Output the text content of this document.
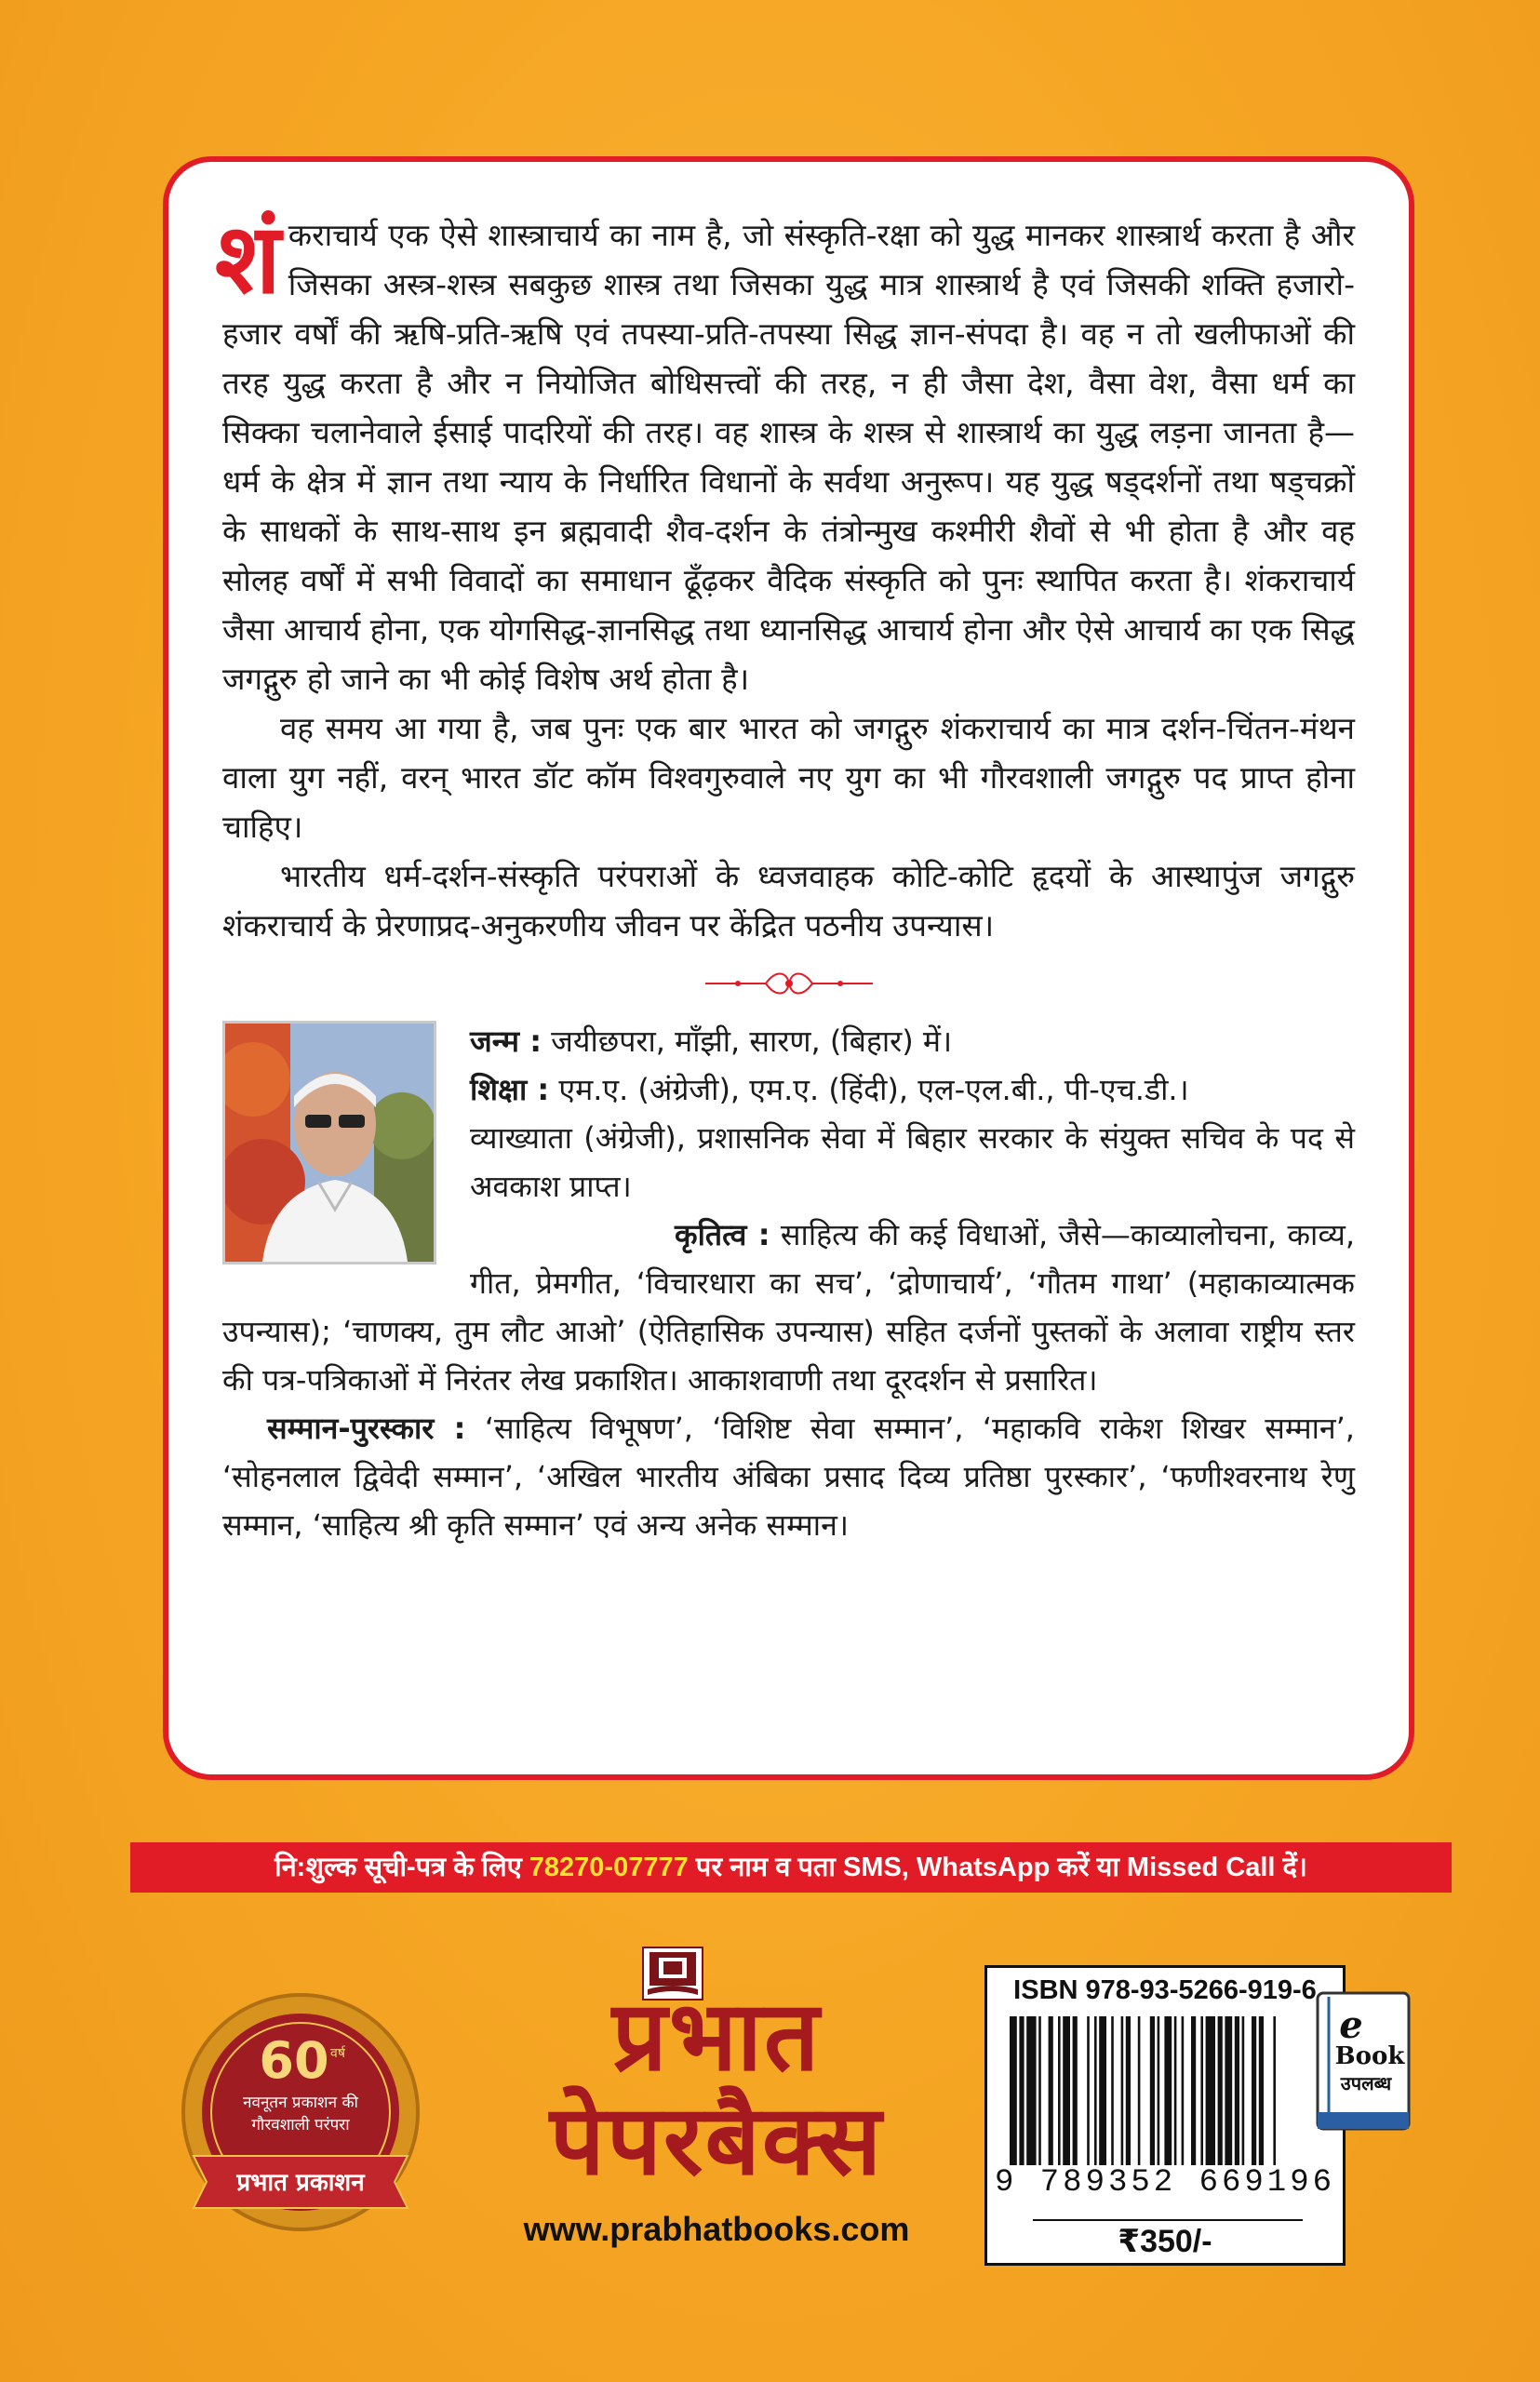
शंकराचार्य एक ऐसे शास्त्राचार्य का नाम है, जो संस्कृति-रक्षा को युद्ध मानकर शास्त्रार्थ करता है और जिसका अस्त्र-शस्त्र सबकुछ शास्त्र तथा जिसका युद्ध मात्र शास्त्रार्थ है एवं जिसकी शक्ति हजारो-हजार वर्षों की ऋषि-प्रति-ऋषि एवं तपस्या-प्रति-तपस्या सिद्ध ज्ञान-संपदा है। वह न तो खलीफाओं की तरह युद्ध करता है और न नियोजित बोधिसत्त्वों की तरह, न ही जैसा देश, वैसा वेश, वैसा धर्म का सिक्का चलानेवाले ईसाई पादरियों की तरह। वह शास्त्र के शस्त्र से शास्त्रार्थ का युद्ध लड़ना जानता है—धर्म के क्षेत्र में ज्ञान तथा न्याय के निर्धारित विधानों के सर्वथा अनुरूप। यह युद्ध षड्दर्शनों तथा षड्चक्रों के साधकों के साथ-साथ इन ब्रह्मवादी शैव-दर्शन के तंत्रोन्मुख कश्मीरी शैवों से भी होता है और वह सोलह वर्षों में सभी विवादों का समाधान ढूँढ़कर वैदिक संस्कृति को पुनः स्थापित करता है। शंकराचार्य जैसा आचार्य होना, एक योगसिद्ध-ज्ञानसिद्ध तथा ध्यानसिद्ध आचार्य होना और ऐसे आचार्य का एक सिद्ध जगद्गुरु हो जाने का भी कोई विशेष अर्थ होता है।

वह समय आ गया है, जब पुनः एक बार भारत को जगद्गुरु शंकराचार्य का मात्र दर्शन-चिंतन-मंथन वाला युग नहीं, वरन् भारत डॉट कॉम विश्वगुरुवाले नए युग का भी गौरवशाली जगद्गुरु पद प्राप्त होना चाहिए।

भारतीय धर्म-दर्शन-संस्कृति परंपराओं के ध्वजवाहक कोटि-कोटि हृदयों के आस्थापुंज जगद्गुरु शंकराचार्य के प्रेरणाप्रद-अनुकरणीय जीवन पर केंद्रित पठनीय उपन्यास।

जन्म : जयीछपरा, माँझी, सारण, (बिहार) में।

शिक्षा : एम.ए. (अंग्रेजी), एम.ए. (हिंदी), एल-एल.बी., पी-एच.डी.।

व्याख्याता (अंग्रेजी), प्रशासनिक सेवा में बिहार सरकार के संयुक्त सचिव के पद से अवकाश प्राप्त।

कृतित्व : साहित्य की कई विधाओं, जैसे—काव्यालोचना, काव्य, गीत, प्रेमगीत, ‘विचारधारा का सच’, ‘द्रोणाचार्य’, ‘गौतम गाथा’ (महाकाव्यात्मक उपन्यास); ‘चाणक्य, तुम लौट आओ’ (ऐतिहासिक उपन्यास) सहित दर्जनों पुस्तकों के अलावा राष्ट्रीय स्तर की पत्र-पत्रिकाओं में निरंतर लेख प्रकाशित। आकाशवाणी तथा दूरदर्शन से प्रसारित।

सम्मान-पुरस्कार : ‘साहित्य विभूषण’, ‘विशिष्ट सेवा सम्मान’, ‘महाकवि राकेश शिखर सम्मान’, ‘सोहनलाल द्विवेदी सम्मान’, ‘अखिल भारतीय अंबिका प्रसाद दिव्य प्रतिष्ठा पुरस्कार’, ‘फणीश्वरनाथ रेणु सम्मान, ‘साहित्य श्री कृति सम्मान’ एवं अन्य अनेक सम्मान।

नि:शुल्क सूची-पत्र के लिए 78270-07777 पर नाम व पता SMS, WhatsApp करें या Missed Call दें।
60 वर्ष
नवनूतन प्रकाशन की
गौरवशाली परंपरा
प्रभात प्रकाशन

प्रभात

पेपरबैक्स

www.prabhatbooks.com
ISBN 978-93-5266-919-6
9 789352 669196
₹350/-
e
Book
उपलब्ध
